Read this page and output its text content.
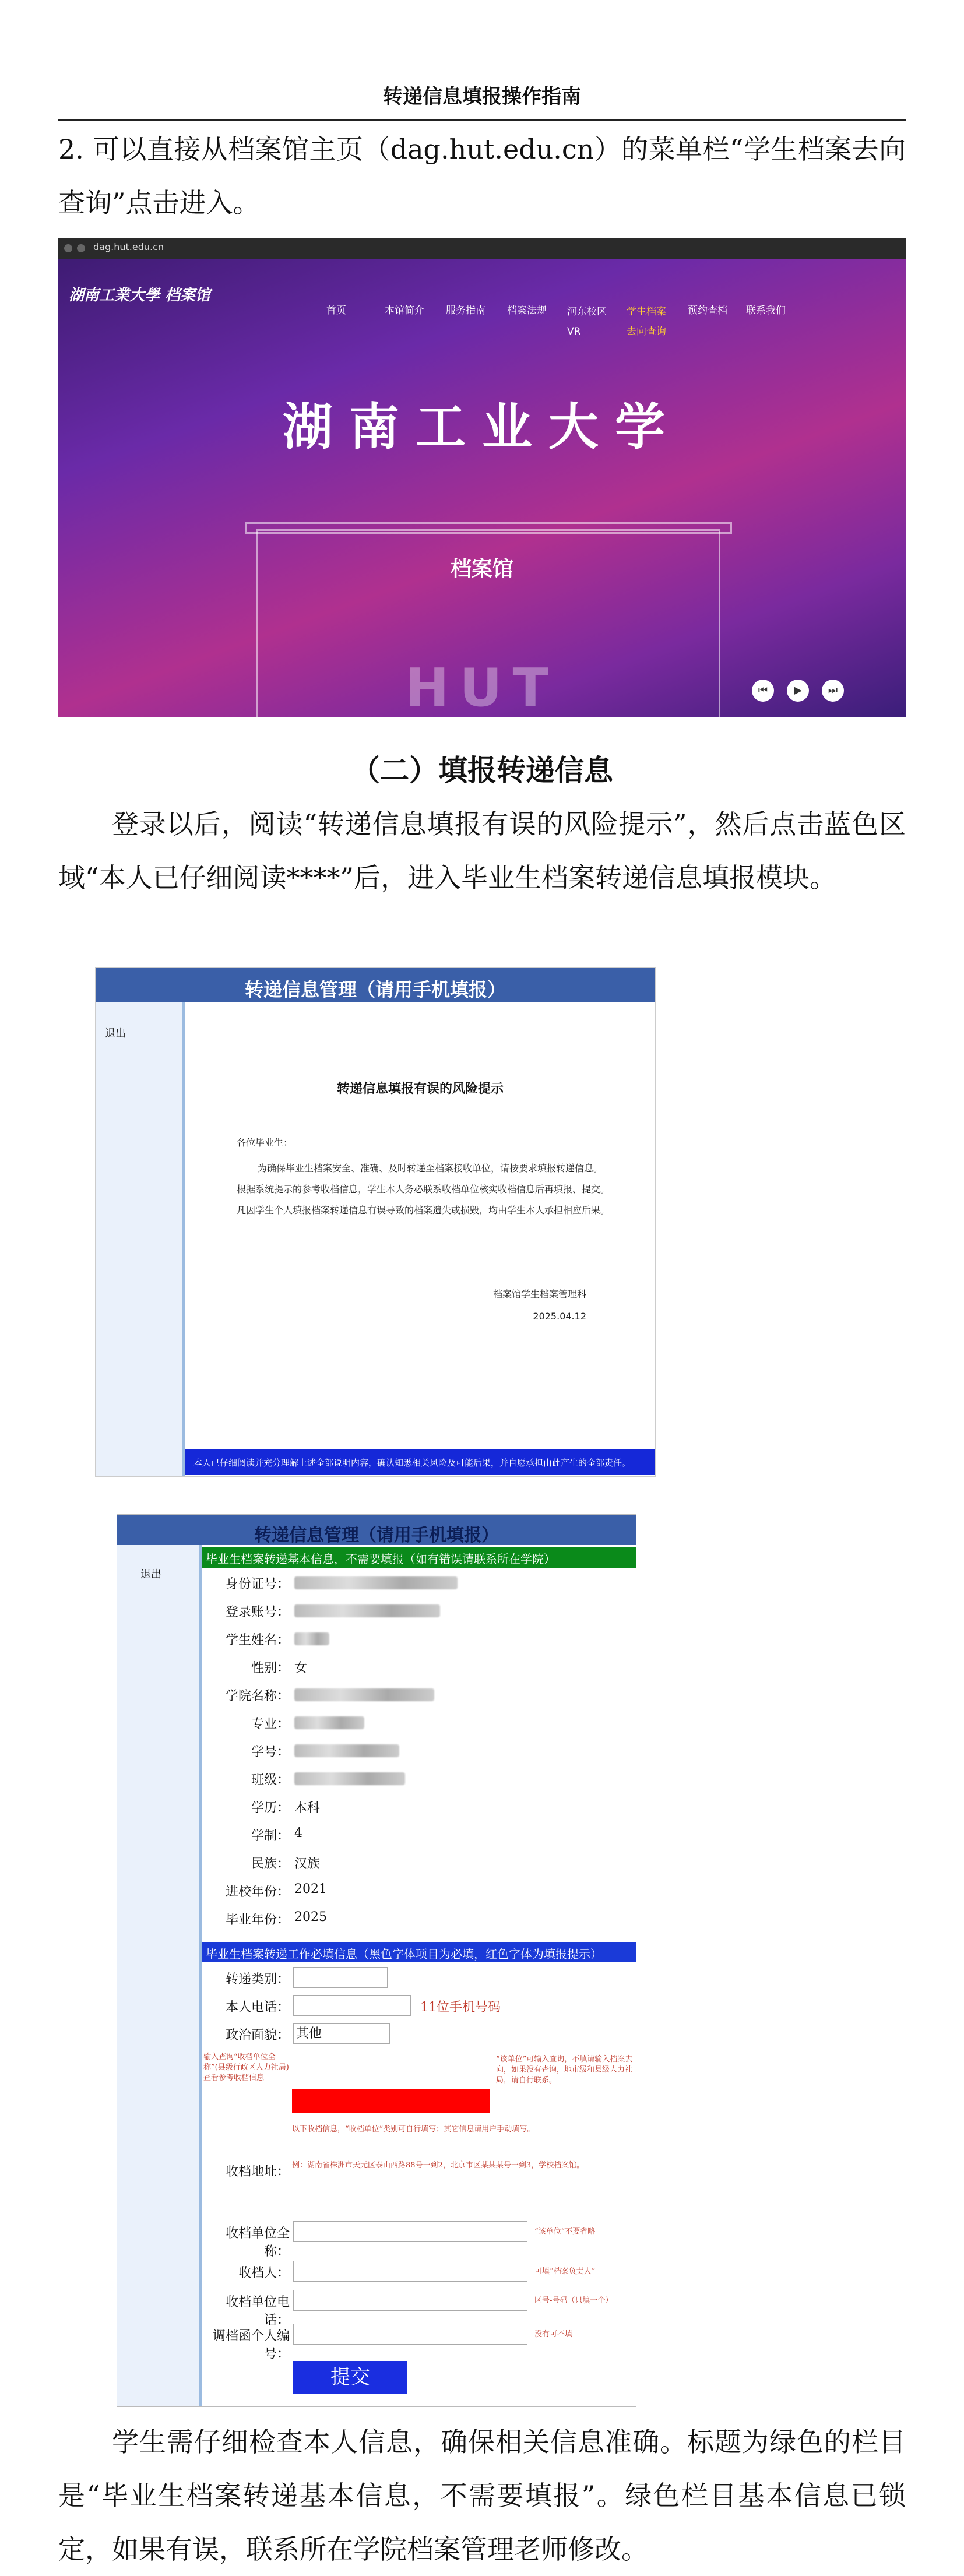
转递信息填报操作指南
2. 可以直接从档案馆主页（dag.hut.edu.cn）的菜单栏“学生档案去向查询”点击进入。
dag.hut.edu.cn
湖南工業大學 档案馆
首页	本馆简介 服务指南 档案法规 河东校区VR
学生档案去向查询
预约查档 联系我们
湖南工业大学
档案馆
HUT	⏮	▶	⏭
（二）填报转递信息
登录以后，阅读“转递信息填报有误的风险提示”，然后点击蓝色区域“本人已仔细阅读****”后，进入毕业生档案转递信息填报模块。
转递信息管理（请用手机填报）
退出
转递信息填报有误的风险提示
各位毕业生：
为确保毕业生档案安全、准确、及时转递至档案接收单位，请按要求填报转递信息。根据系统提示的参考收档信息，学生本人务必联系收档单位核实收档信息后再填报、提交。凡因学生个人填报档案转递信息有误导致的档案遗失或损毁，均由学生本人承担相应后果。
档案馆学生档案管理科
2025.04.12
本人已仔细阅读并充分理解上述全部说明内容，确认知悉相关风险及可能后果，并自愿承担由此产生的全部责任。
转递信息管理（请用手机填报）
退出
毕业生档案转递基本信息，不需要填报（如有错误请联系所在学院）
身份证号：
登录账号：
学生姓名：
性别： 女
学院名称：
专业：
学号：
班级：
学历： 本科
学制： 4
民族： 汉族
进校年份： 2021
毕业年份： 2025
毕业生档案转递工作必填信息（黑色字体项目为必填，红色字体为填报提示）
转递类别：
本人电话：	11位手机号码
政治面貌： 其他
输入查询“收档单位全称”(县级行政区人力社局)查看参考收档信息
“该单位”可输入查询，不填请输入档案去向，如果没有查询，地市级和县级人力社局，请自行联系。
以下收档信息，“收档单位”类别可自行填写；其它信息请用户手动填写。
收档地址： 例：湖南省株洲市天元区泰山西路88号一到2，北京市区某某某号一到3，学校档案馆。
收档单位全称：
“该单位”不要省略
收档人：	可填“档案负责人”
收档单位电话：
区号-号码（只填一个）
调档函个人编号：
没有可不填
提交
学生需仔细检查本人信息，确保相关信息准确。标题为绿色的栏目是“毕业生档案转递基本信息，不需要填报”。绿色栏目基本信息已锁定，如果有误，联系所在学院档案管理老师修改。
